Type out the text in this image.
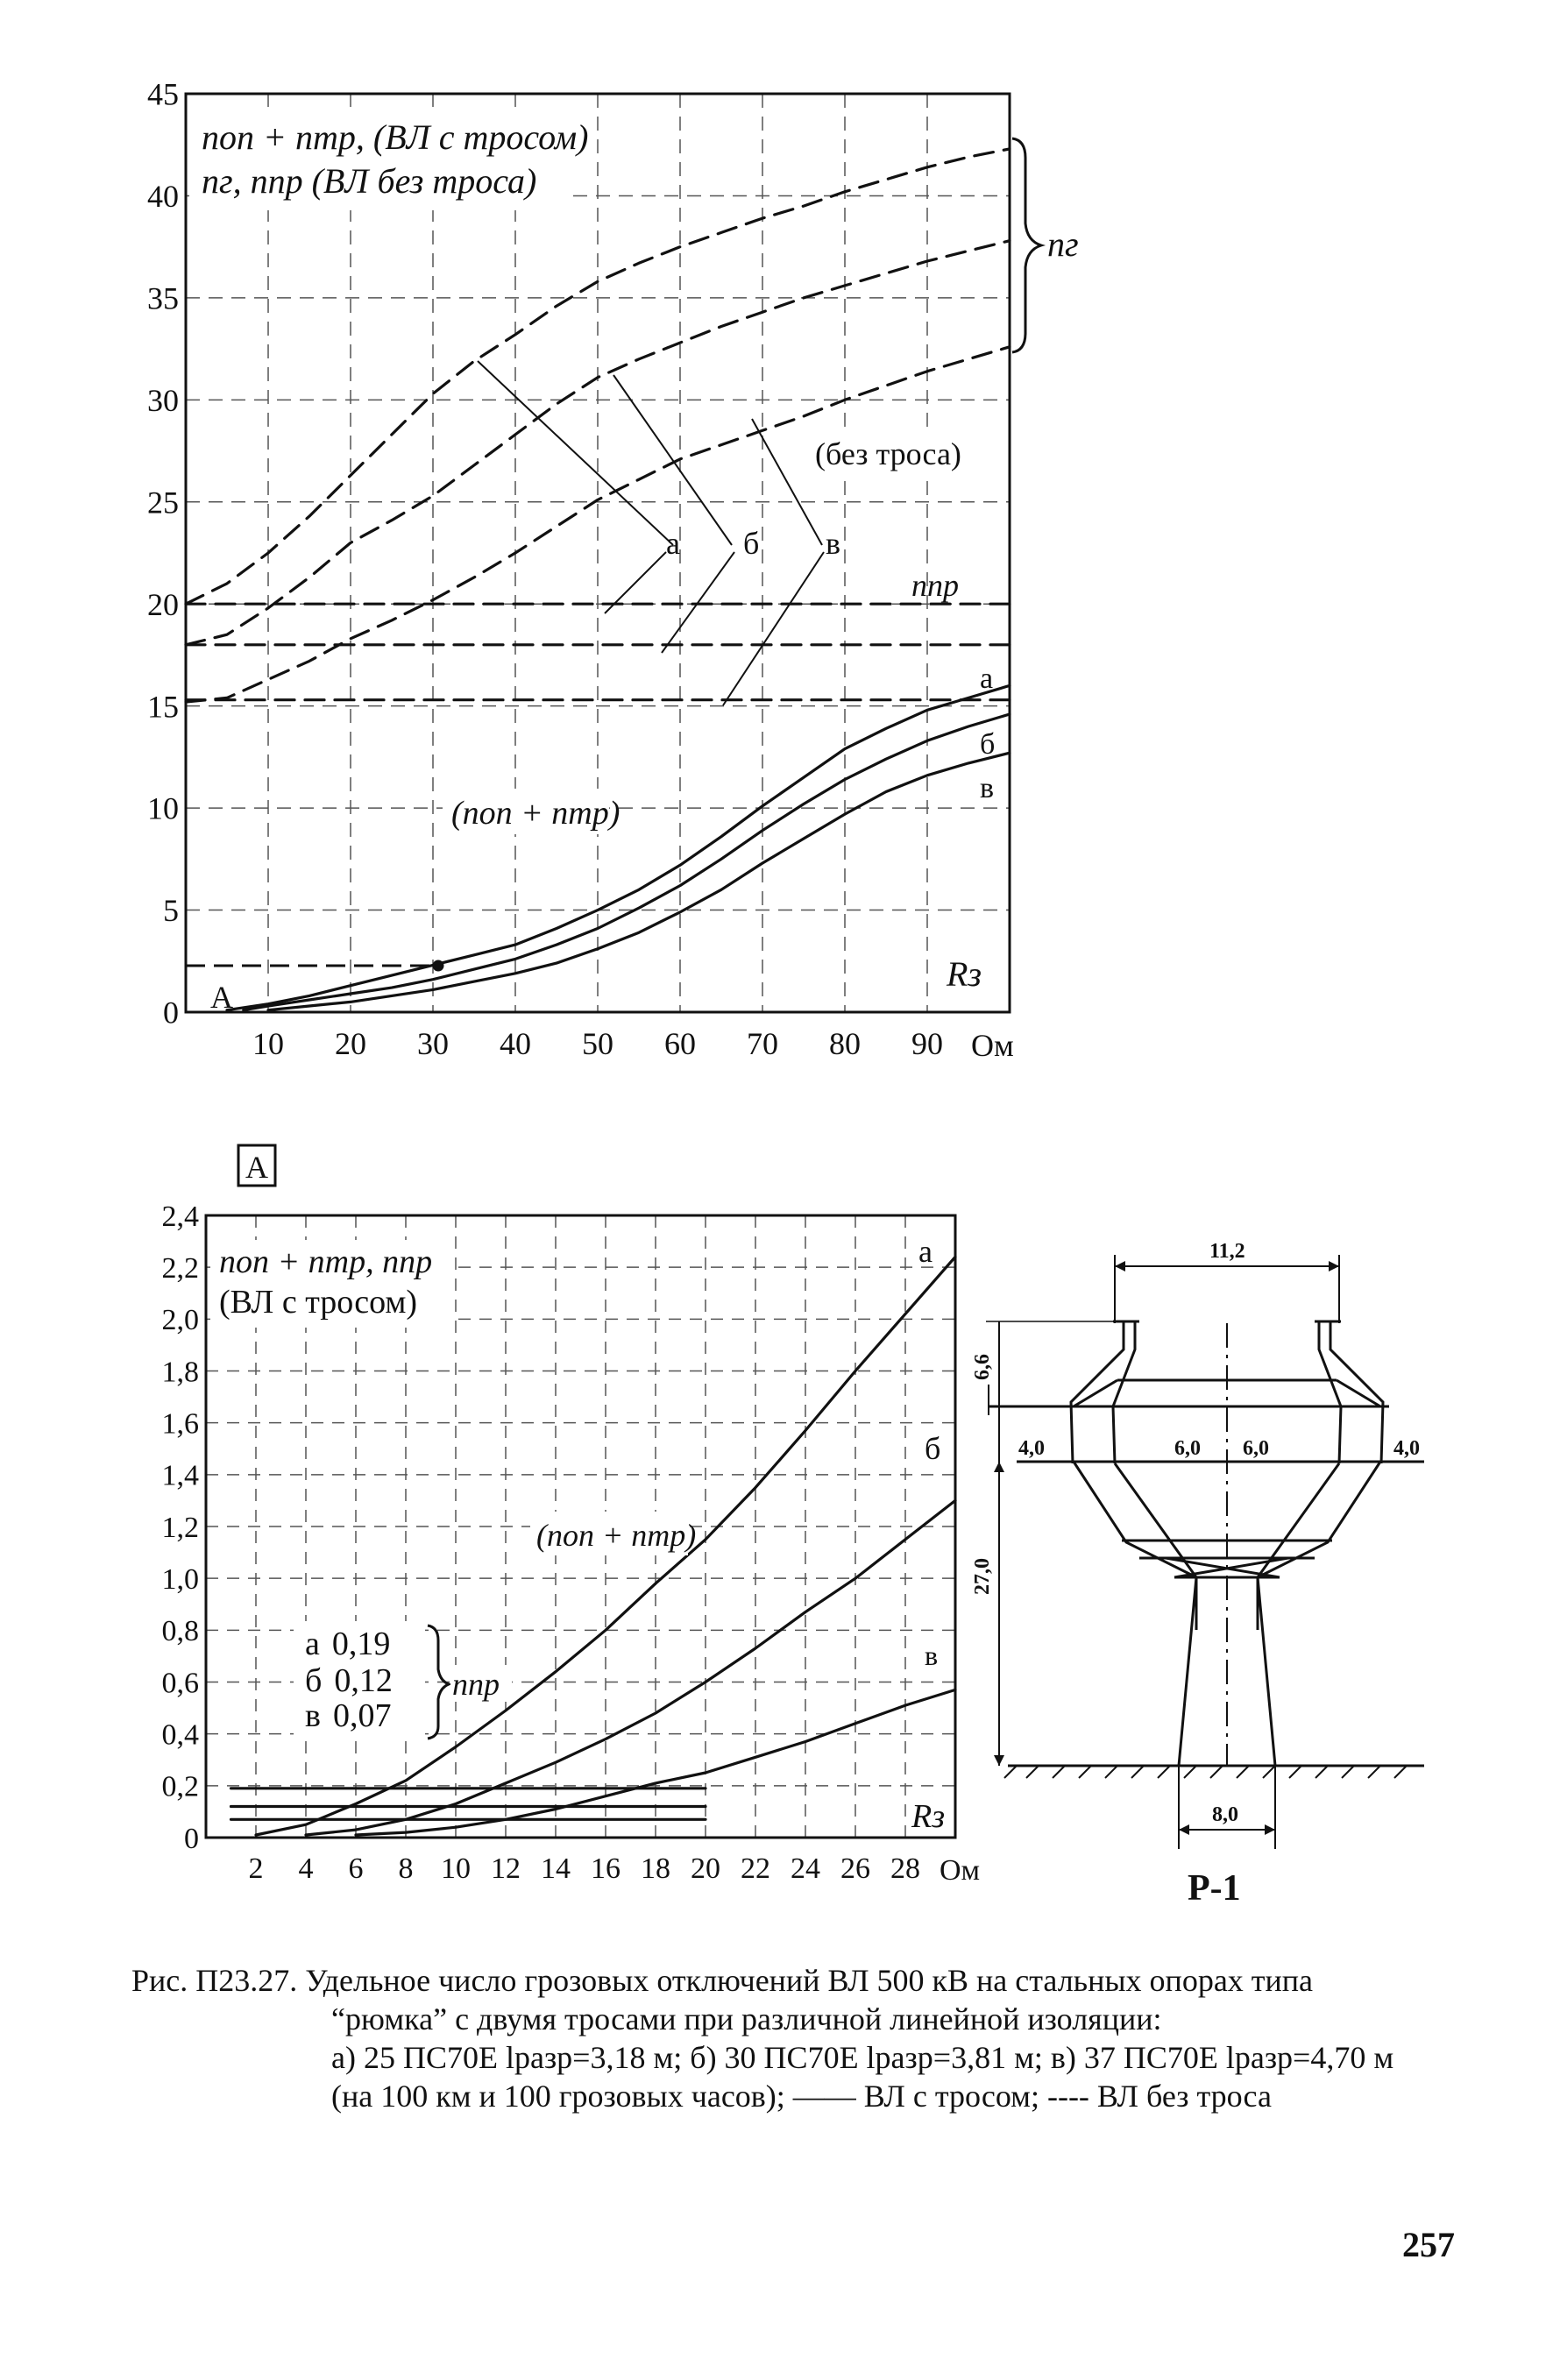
10 20 30 40 50 60 70 80 90
0
5
10
15
20
25
30
35
40
45
nоп + nтр, (ВЛ с тросом)
nг, nпр (ВЛ без троса)
nг
(без троса)
а б в
nпр
а
б
в
(nоп + nтр)
Rз
A
Ом
A
2 4 6 8 10 12 14 16 18 20 22 24 26 28
0
0,2
0,4
0,6
0,8
1,0
1,2
1,4
1,6
1,8
2,0
2,2
2,4
nоп + nтр, nпр
(ВЛ с тросом)
а 0,19
б 0,12
в 0,07
nпр
(nоп + nтр)
а
б
в
Rз
Ом
11,2
6,6
4,0	6,0 6,0	4,0
27,0
8,0
Р-1
Рис. П23.27. Удельное число грозовых отключений ВЛ 500 кВ на стальных опорах типа
“рюмка” с двумя тросами при различной линейной изоляции:
а) 25 ПС70Е lразр=3,18 м; б) 30 ПС70Е lразр=3,81 м; в) 37 ПС70Е lразр=4,70 м
(на 100 км и 100 грозовых часов); —— ВЛ с тросом; ---- ВЛ без троса
257
